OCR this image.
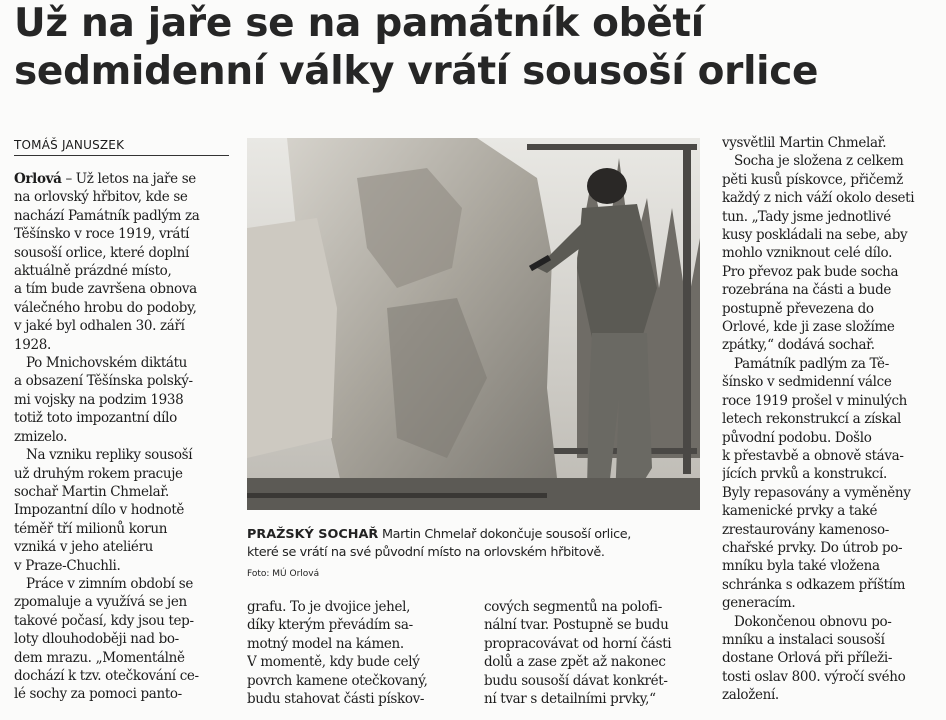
Už na jaře se na památník obětí
sedmidenní války vrátí sousoší orlice
TOMÁŠ JANUSZEK

Orlová – Už letos na jaře se
na orlovský hřbitov, kde se
nachází Památník padlým za
Těšínsko v roce 1919, vrátí
sousoší orlice, které doplní
aktuálně prázdné místo,
a tím bude završena obnova
válečného hrobu do podoby,
v jaké byl odhalen 30. září
1928.

Po Mnichovském diktátu
a obsazení Těšínska polský-
mi vojsky na podzim 1938
totiž toto impozantní dílo
zmizelo.

Na vzniku repliky sousoší
už druhým rokem pracuje
sochař Martin Chmelař.
Impozantní dílo v hodnotě
téměř tří milionů korun
vzniká v jeho ateliéru
v Praze-Chuchli.

Práce v zimním období se
zpomaluje a využívá se jen
takové počasí, kdy jsou tep-
loty dlouhodoběji nad bo-
dem mrazu. „Momentálně
dochází k tzv. otečkování ce-
lé sochy za pomoci panto-

PRAŽSKÝ SOCHAŘ Martin Chmelař dokončuje sousoší orlice,
které se vrátí na své původní místo na orlovském hřbitově.
Foto: MÚ Orlová

grafu. To je dvojice jehel,
díky kterým převádím sa-
motný model na kámen.
V momentě, kdy bude celý
povrch kamene otečkovaný,
budu stahovat části pískov-

cových segmentů na polofi-
nální tvar. Postupně se budu
propracovávat od horní části
dolů a zase zpět až nakonec
budu sousoší dávat konkrét-
ní tvar s detailními prvky,“

vysvětlil Martin Chmelař.

Socha je složena z celkem
pěti kusů pískovce, přičemž
každý z nich váží okolo deseti
tun. „Tady jsme jednotlivé
kusy poskládali na sebe, aby
mohlo vzniknout celé dílo.
Pro převoz pak bude socha
rozebrána na části a bude
postupně převezena do
Orlové, kde ji zase složíme
zpátky,“ dodává sochař.

Památník padlým za Tě-
šínsko v sedmidenní válce
roce 1919 prošel v minulých
letech rekonstrukcí a získal
původní podobu. Došlo
k přestavbě a obnově stáva-
jících prvků a konstrukcí.
Byly repasovány a vyměněny
kamenické prvky a také
zrestaurovány kamenoso-
chařské prvky. Do útrob po-
mníku byla také vložena
schránka s odkazem příštím
generacím.

Dokončenou obnovu po-
mníku a instalaci sousoší
dostane Orlová při příleži-
tosti oslav 800. výročí svého
založení.
